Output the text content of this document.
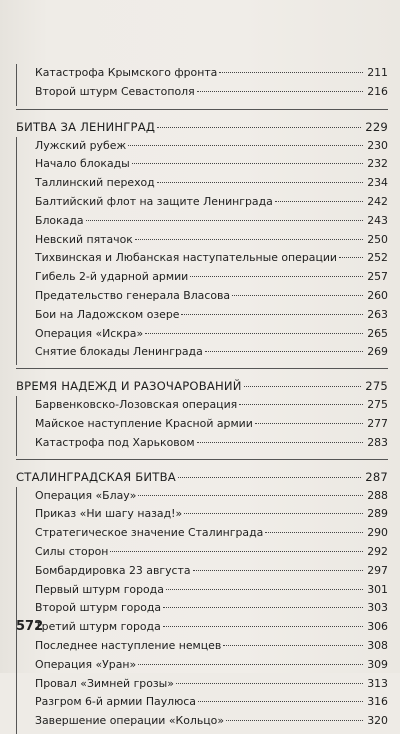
Катастрофа Крымского фронта	211
Второй штурм Севастополя	216
БИТВА ЗА ЛЕНИНГРАД	229
Лужский рубеж	230
Начало блокады	232
Таллинский переход	234
Балтийский флот на защите Ленинграда	242
Блокада	243
Невский пятачок	250
Тихвинская и Любанская наступательные операции	252
Гибель 2-й ударной армии	257
Предательство генерала Власова	260
Бои на Ладожском озере	263
Операция «Искра»	265
Снятие блокады Ленинграда	269
ВРЕМЯ НАДЕЖД И РАЗОЧАРОВАНИЙ	275
Барвенковско-Лозовская операция	275
Майское наступление Красной армии	277
Катастрофа под Харьковом	283
СТАЛИНГРАДСКАЯ БИТВА	287
Операция «Блау»	288
Приказ «Ни шагу назад!»	289
Стратегическое значение Сталинграда	290
Силы сторон	292
Бомбардировка 23 августа	297
Первый штурм города	301
Второй штурм города	303
Третий штурм города	306
Последнее наступление немцев	308
Операция «Уран»	309
Провал «Зимней грозы»	313
Разгром 6-й армии Паулюса	316
Завершение операции «Кольцо»	320
572
